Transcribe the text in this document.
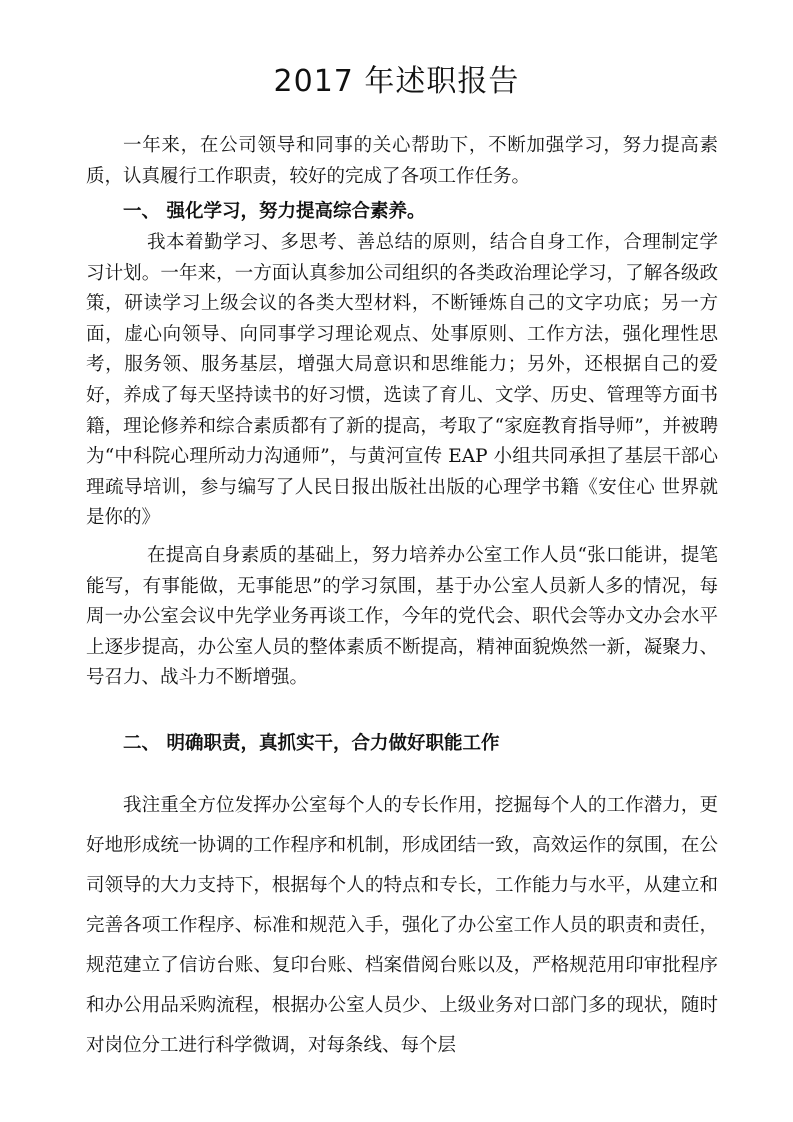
2017 年述职报告

一年来，在公司领导和同事的关心帮助下，不断加强学习，努力提高素质，认真履行工作职责，较好的完成了各项工作任务。

一、 强化学习，努力提高综合素养。

我本着勤学习、多思考、善总结的原则，结合自身工作，合理制定学习计划。一年来，一方面认真参加公司组织的各类政治理论学习，了解各级政策，研读学习上级会议的各类大型材料，不断锤炼自己的文字功底；另一方面，虚心向领导、向同事学习理论观点、处事原则、工作方法，强化理性思考，服务领、服务基层，增强大局意识和思维能力；另外，还根据自己的爱好，养成了每天坚持读书的好习惯，选读了育儿、文学、历史、管理等方面书籍，理论修养和综合素质都有了新的提高，考取了“家庭教育指导师”，并被聘为“中科院心理所动力沟通师”，与黄河宣传 EAP 小组共同承担了基层干部心理疏导培训，参与编写了人民日报出版社出版的心理学书籍《安住心 世界就是你的》

在提高自身素质的基础上，努力培养办公室工作人员“张口能讲，提笔能写，有事能做，无事能思”的学习氛围，基于办公室人员新人多的情况，每周一办公室会议中先学业务再谈工作，今年的党代会、职代会等办文办会水平上逐步提高，办公室人员的整体素质不断提高，精神面貌焕然一新，凝聚力、号召力、战斗力不断增强。

二、 明确职责，真抓实干，合力做好职能工作

我注重全方位发挥办公室每个人的专长作用，挖掘每个人的工作潜力，更好地形成统一协调的工作程序和机制，形成团结一致，高效运作的氛围，在公司领导的大力支持下，根据每个人的特点和专长，工作能力与水平，从建立和完善各项工作程序、标准和规范入手，强化了办公室工作人员的职责和责任，规范建立了信访台账、复印台账、档案借阅台账以及，严格规范用印审批程序和办公用品采购流程，根据办公室人员少、上级业务对口部门多的现状，随时对岗位分工进行科学微调，对每条线、每个层
